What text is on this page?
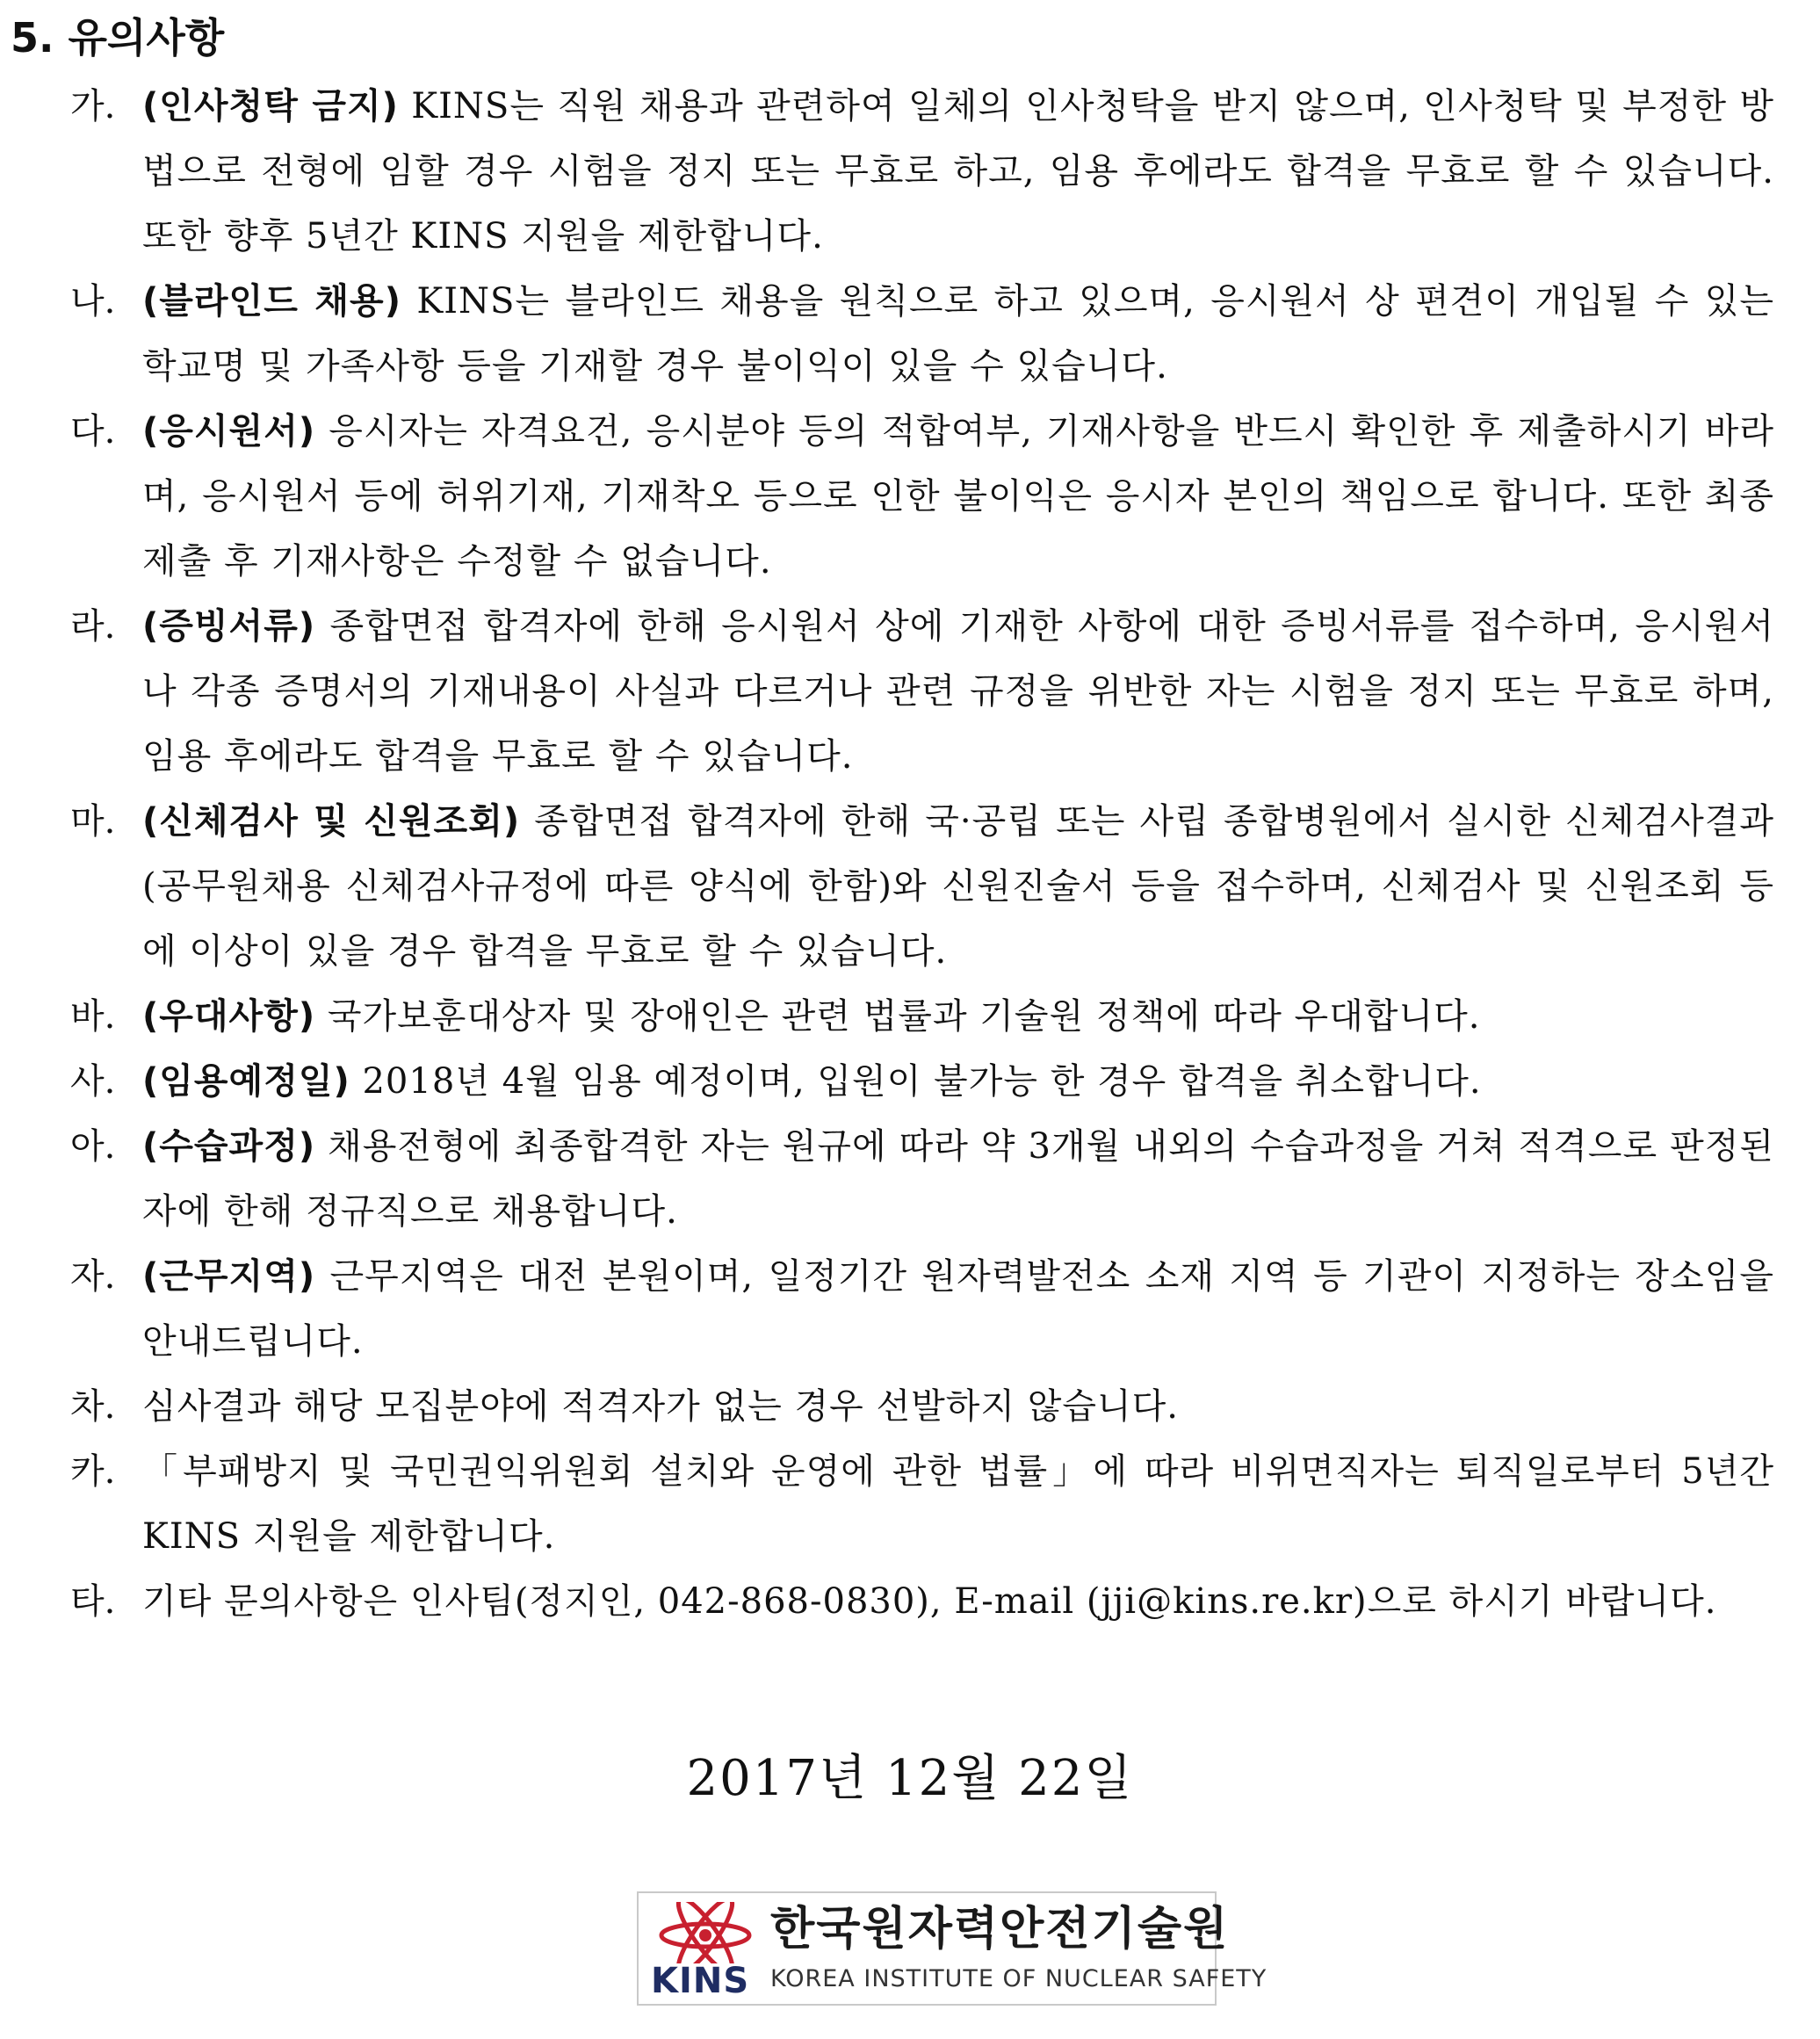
5. 유의사항
가. (인사청탁 금지) KINS는 직원 채용과 관련하여 일체의 인사청탁을 받지 않으며, 인사청탁 및 부정한 방법으로 전형에 임할 경우 시험을 정지 또는 무효로 하고, 임용 후에라도 합격을 무효로 할 수 있습니다. 또한 향후 5년간 KINS 지원을 제한합니다.
나. (블라인드 채용) KINS는 블라인드 채용을 원칙으로 하고 있으며, 응시원서 상 편견이 개입될 수 있는 학교명 및 가족사항 등을 기재할 경우 불이익이 있을 수 있습니다.
다. (응시원서) 응시자는 자격요건, 응시분야 등의 적합여부, 기재사항을 반드시 확인한 후 제출하시기 바라며, 응시원서 등에 허위기재, 기재착오 등으로 인한 불이익은 응시자 본인의 책임으로 합니다. 또한 최종제출 후 기재사항은 수정할 수 없습니다.
라. (증빙서류) 종합면접 합격자에 한해 응시원서 상에 기재한 사항에 대한 증빙서류를 접수하며, 응시원서나 각종 증명서의 기재내용이 사실과 다르거나 관련 규정을 위반한 자는 시험을 정지 또는 무효로 하며, 임용 후에라도 합격을 무효로 할 수 있습니다.
마. (신체검사 및 신원조회) 종합면접 합격자에 한해 국·공립 또는 사립 종합병원에서 실시한 신체검사결과(공무원채용 신체검사규정에 따른 양식에 한함)와 신원진술서 등을 접수하며, 신체검사 및 신원조회 등에 이상이 있을 경우 합격을 무효로 할 수 있습니다.
바. (우대사항) 국가보훈대상자 및 장애인은 관련 법률과 기술원 정책에 따라 우대합니다.
사. (임용예정일) 2018년 4월 임용 예정이며, 입원이 불가능 한 경우 합격을 취소합니다.
아. (수습과정) 채용전형에 최종합격한 자는 원규에 따라 약 3개월 내외의 수습과정을 거쳐 적격으로 판정된 자에 한해 정규직으로 채용합니다.
자. (근무지역) 근무지역은 대전 본원이며, 일정기간 원자력발전소 소재 지역 등 기관이 지정하는 장소임을 안내드립니다.
차. 심사결과 해당 모집분야에 적격자가 없는 경우 선발하지 않습니다.
카. 「부패방지 및 국민권익위원회 설치와 운영에 관한 법률」에 따라 비위면직자는 퇴직일로부터 5년간 KINS 지원을 제한합니다.
타. 기타 문의사항은 인사팀(정지인, 042-868-0830), E-mail (jji@kins.re.kr)으로 하시기 바랍니다.
2017년 12월 22일
KINS
한국원자력안전기술원
KOREA INSTITUTE OF NUCLEAR SAFETY
